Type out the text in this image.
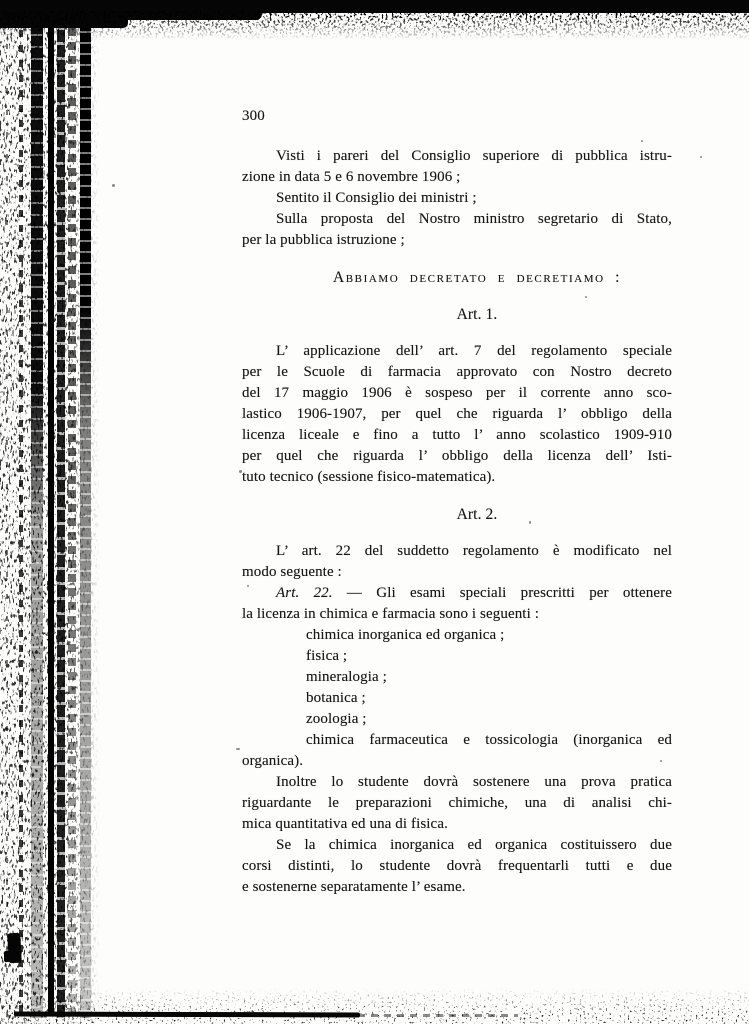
300
Visti i pareri del Consiglio superiore di pubblica istru-
zione in data 5 e 6 novembre 1906 ;
Sentito il Consiglio dei ministri ;
Sulla proposta del Nostro ministro segretario di Stato,
per la pubblica istruzione ;
Abbiamo decretato e decretiamo :
Art. 1.
L’ applicazione dell’ art. 7 del regolamento speciale
per le Scuole di farmacia approvato con Nostro decreto
del 17 maggio 1906 è sospeso per il corrente anno sco-
lastico 1906-1907, per quel che riguarda l’ obbligo della
licenza liceale e fino a tutto l’ anno scolastico 1909-910
per quel che riguarda l’ obbligo della licenza dell’ Isti-
tuto tecnico (sessione fisico-matematica).
Art. 2.
L’ art. 22 del suddetto regolamento è modificato nel
modo seguente :
Art. 22. — Gli esami speciali prescritti per ottenere
la licenza in chimica e farmacia sono i seguenti :
chimica inorganica ed organica ;
fisica ;
mineralogia ;
botanica ;
zoologia ;
chimica farmaceutica e tossicologia (inorganica ed
organica).
Inoltre lo studente dovrà sostenere una prova pratica
riguardante le preparazioni chimiche, una di analisi chi-
mica quantitativa ed una di fisica.
Se la chimica inorganica ed organica costituissero due
corsi distinti, lo studente dovrà frequentarli tutti e due
e sostenerne separatamente l’ esame.
